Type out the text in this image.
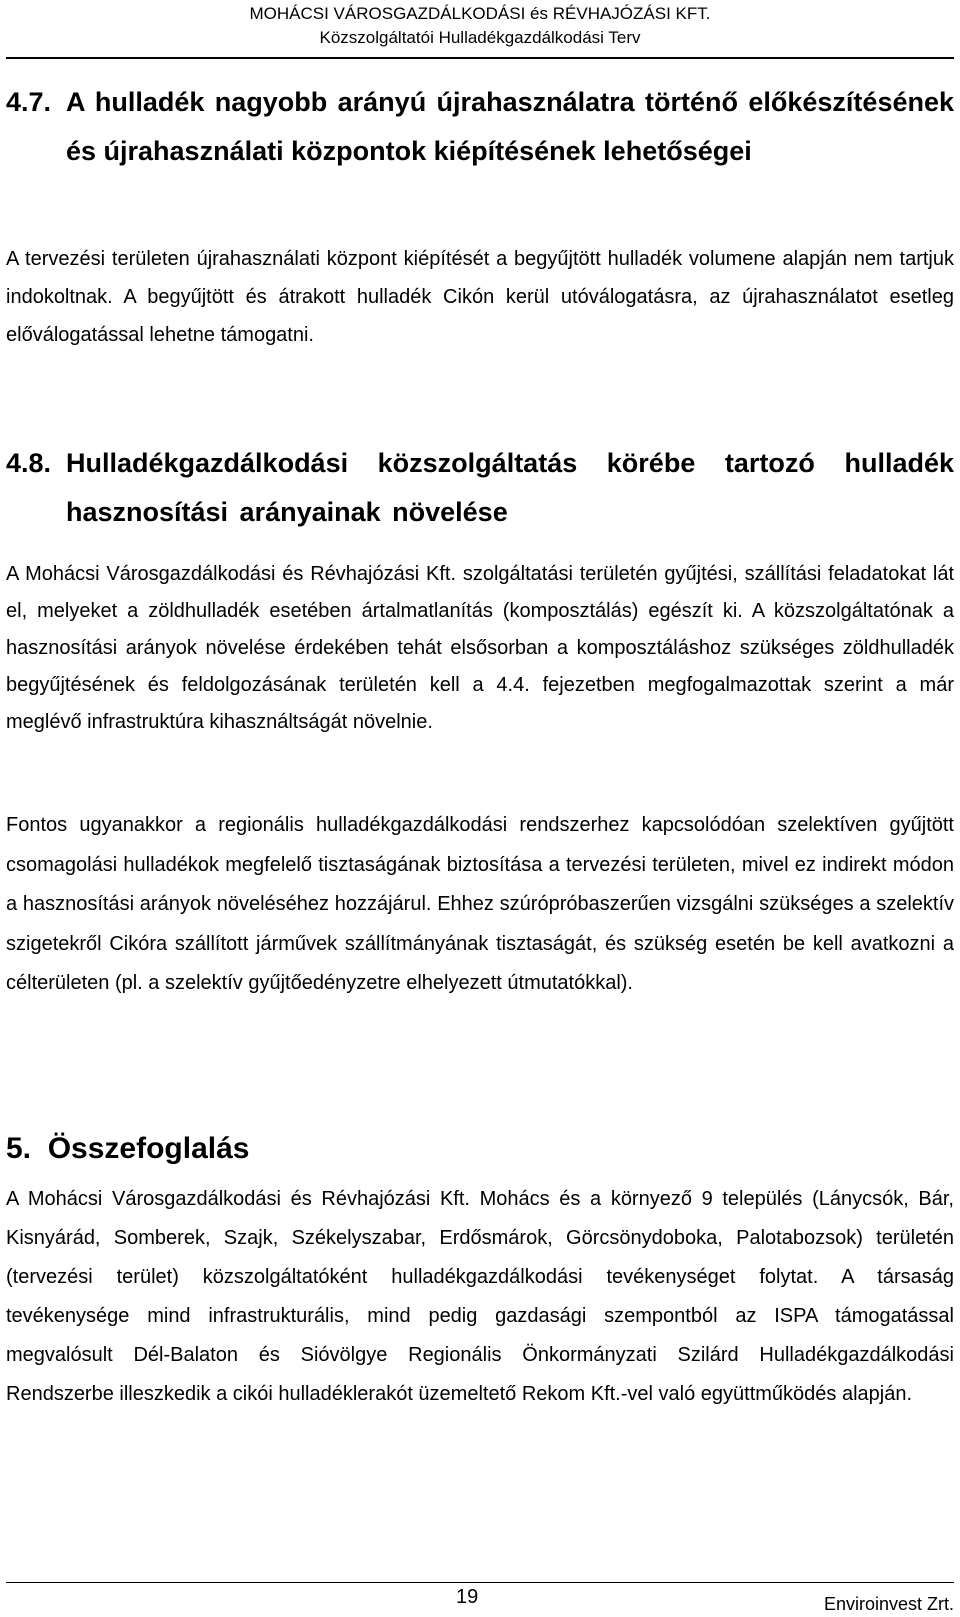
MOHÁCSI VÁROSGAZDÁLKODÁSI és RÉVHAJÓZÁSI KFT.
Közszolgáltatói Hulladékgazdálkodási Terv
4.7. A hulladék nagyobb arányú újrahasználatra történő előkészítésének és újrahasználati központok kiépítésének lehetőségei

A tervezési területen újrahasználati központ kiépítését a begyűjtött hulladék volumene alapján nem tartjuk indokoltnak. A begyűjtött és átrakott hulladék Cikón kerül utóválogatásra, az újrahasználatot esetleg előválogatással lehetne támogatni.

4.8. Hulladékgazdálkodási közszolgáltatás körébe tartozó hulladék hasznosítási arányainak növelése

A Mohácsi Városgazdálkodási és Révhajózási Kft. szolgáltatási területén gyűjtési, szállítási feladatokat lát el, melyeket a zöldhulladék esetében ártalmatlanítás (komposztálás) egészít ki. A közszolgáltatónak a hasznosítási arányok növelése érdekében tehát elsősorban a komposztáláshoz szükséges zöldhulladék begyűjtésének és feldolgozásának területén kell a 4.4. fejezetben megfogalmazottak szerint a már meglévő infrastruktúra kihasználtságát növelnie.

Fontos ugyanakkor a regionális hulladékgazdálkodási rendszerhez kapcsolódóan szelektíven gyűjtött csomagolási hulladékok megfelelő tisztaságának biztosítása a tervezési területen, mivel ez indirekt módon a hasznosítási arányok növeléséhez hozzájárul. Ehhez szúrópróbaszerűen vizsgálni szükséges a szelektív szigetekről Cikóra szállított járművek szállítmányának tisztaságát, és szükség esetén be kell avatkozni a célterületen (pl. a szelektív gyűjtőedényzetre elhelyezett útmutatókkal).

5. Összefoglalás

A Mohácsi Városgazdálkodási és Révhajózási Kft. Mohács és a környező 9 település (Lánycsók, Bár, Kisnyárád, Somberek, Szajk, Székelyszabar, Erdősmárok, Görcsönydoboka, Palotabozsok) területén (tervezési terület) közszolgáltatóként hulladékgazdálkodási tevékenységet folytat. A társaság tevékenysége mind infrastrukturális, mind pedig gazdasági szempontból az ISPA támogatással megvalósult Dél-Balaton és Sióvölgye Regionális Önkormányzati Szilárd Hulladékgazdálkodási Rendszerbe illeszkedik a cikói hulladéklerakót üzemeltető Rekom Kft.-vel való együttműködés alapján.

19	Enviroinvest Zrt.
